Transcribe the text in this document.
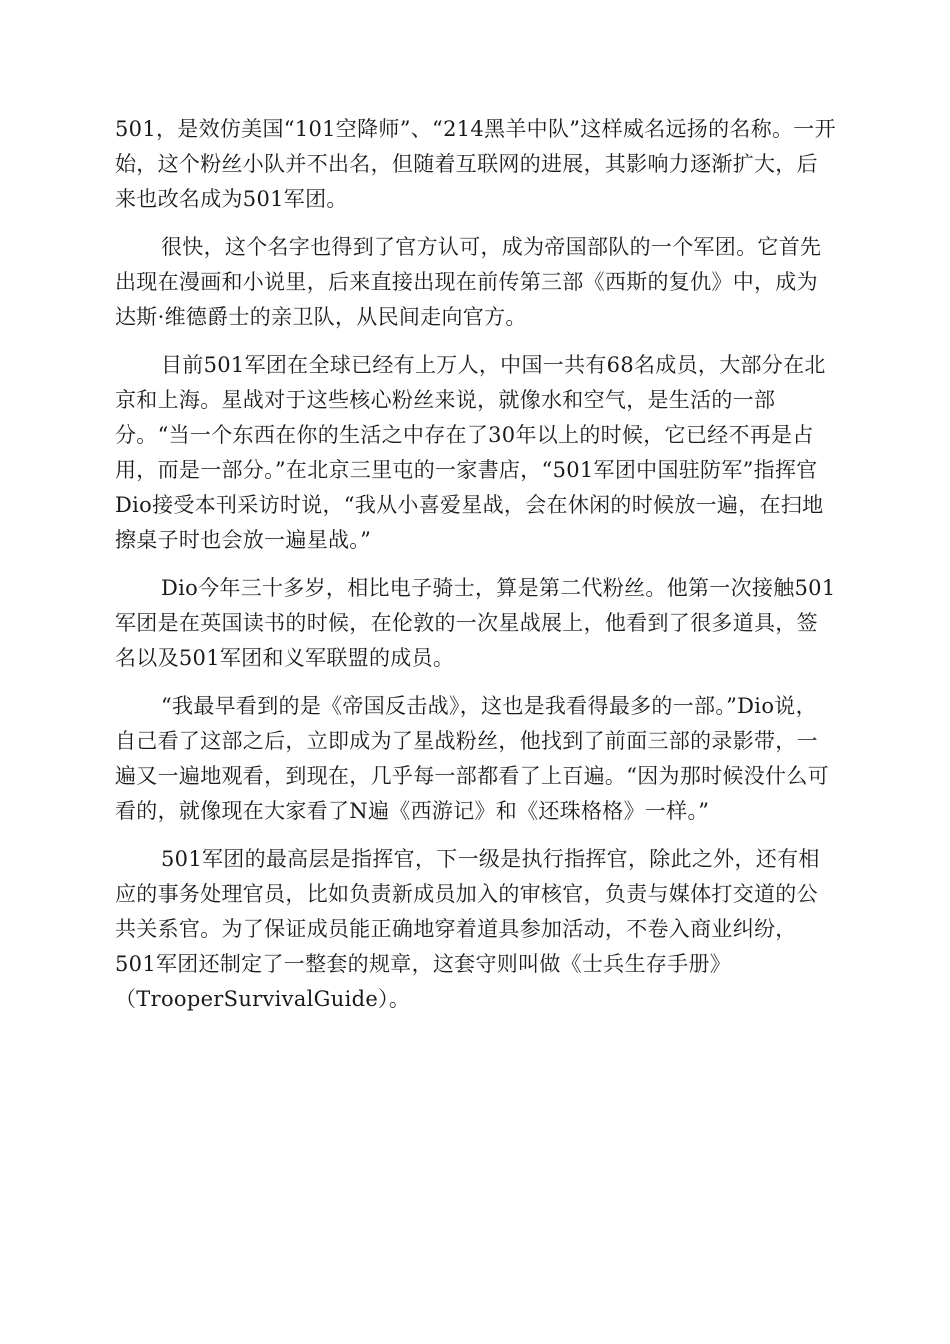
501，是效仿美国“101空降师”、“214黑羊中队”这样威名远扬的名称。一开始，这个粉丝小队并不出名，但随着互联网的进展，其影响力逐渐扩大，后来也改名成为501军团。

很快，这个名字也得到了官方认可，成为帝国部队的一个军团。它首先出现在漫画和小说里，后来直接出现在前传第三部《西斯的复仇》中，成为达斯·维德爵士的亲卫队，从民间走向官方。

目前501军团在全球已经有上万人，中国一共有68名成员，大部分在北京和上海。星战对于这些核心粉丝来说，就像水和空气，是生活的一部分。“当一个东西在你的生活之中存在了30年以上的时候，它已经不再是占用，而是一部分。”在北京三里屯的一家書店，“501军团中国驻防军”指挥官Dio接受本刊采访时说，“我从小喜爱星战，会在休闲的时候放一遍，在扫地擦桌子时也会放一遍星战。”

Dio今年三十多岁，相比电子骑士，算是第二代粉丝。他第一次接触501军团是在英国读书的时候，在伦敦的一次星战展上，他看到了很多道具，签名以及501军团和义军联盟的成员。

“我最早看到的是《帝国反击战》，这也是我看得最多的一部。”Dio说，自己看了这部之后，立即成为了星战粉丝，他找到了前面三部的录影带，一遍又一遍地观看，到现在，几乎每一部都看了上百遍。“因为那时候没什么可看的，就像现在大家看了N遍《西游记》和《还珠格格》一样。”

501军团的最高层是指挥官，下一级是执行指挥官，除此之外，还有相应的事务处理官员，比如负责新成员加入的审核官，负责与媒体打交道的公共关系官。为了保证成员能正确地穿着道具参加活动，不卷入商业纠纷，501军团还制定了一整套的规章，这套守则叫做《士兵生存手册》（TrooperSurvivalGuide）。
